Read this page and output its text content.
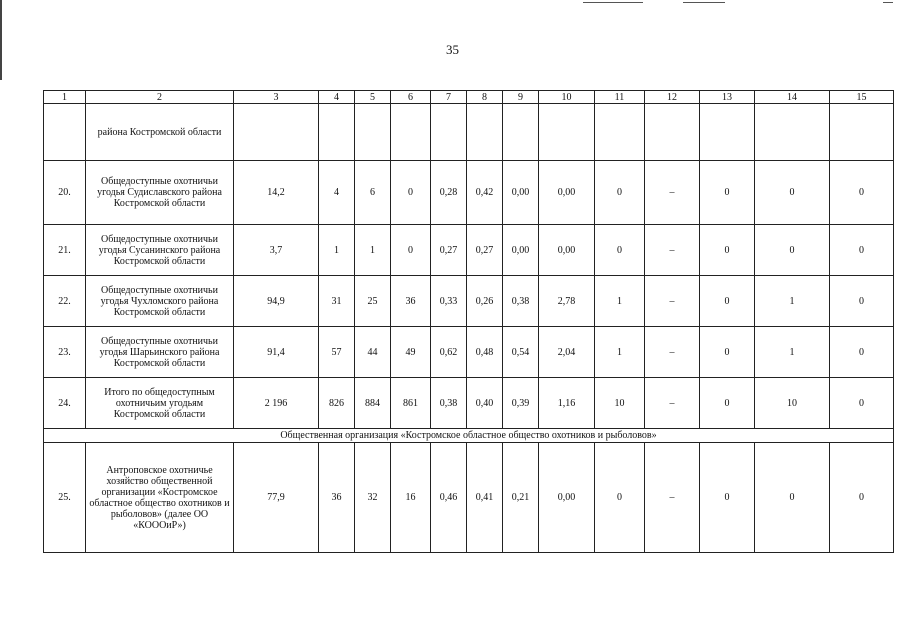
35
1	2	3	4	5	6	7	8	9	10	11	12	13	14	15
	района Костромской области													
20.	Общедоступные охотничьи угодья Судиславского района Костромской области	14,2	4	6	0	0,28	0,42	0,00	0,00	0	–	0	0	0
21.	Общедоступные охотничьи угодья Сусанинского района Костромской области	3,7	1	1	0	0,27	0,27	0,00	0,00	0	–	0	0	0
22.	Общедоступные охотничьи угодья Чухломского района Костромской области	94,9	31	25	36	0,33	0,26	0,38	2,78	1	–	0	1	0
23.	Общедоступные охотничьи угодья Шарьинского района Костромской области	91,4	57	44	49	0,62	0,48	0,54	2,04	1	–	0	1	0
24.	Итого по общедоступным охотничьим угодьям Костромской области	2 196	826	884	861	0,38	0,40	0,39	1,16	10	–	0	10	0
Общественная организация «Костромское областное общество охотников и рыболовов»														
25.	Антроповское охотничье хозяйство общественной организации «Костромское областное общество охотников и рыболовов» (далее ОО «КОООиР»)	77,9	36	32	16	0,46	0,41	0,21	0,00	0	–	0	0	0
